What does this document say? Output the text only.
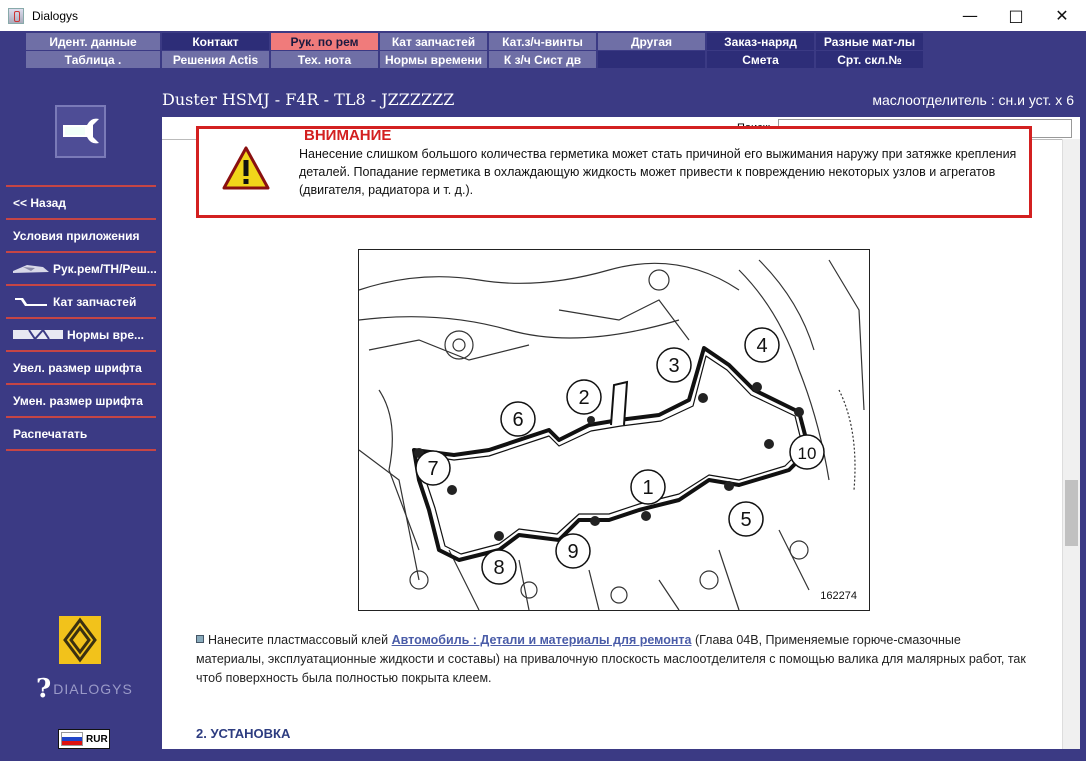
Dialogys	—	□	✕
Идент. данные	Контакт	Рук. по рем	Кат запчастей	Кат.з/ч-винты	Другая	Заказ-наряд	Разные мат-лы
Таблица .	Решения Actis	Тех. нота	Нормы времени	К з/ч Сист дв	Смета	Срт. скл.№
Duster HSMJ - F4R - TL8 - JZZZZZZ	маслоотделитель : сн.и уст. х 6
<< Назад
Условия приложения
Рук.рем/ТН/Реш...
Кат запчастей
Нормы вре...
Увел. размер шрифта
Умен. размер шрифта
Распечатать
? DIALOGYS
RUR
ВНИМАНИЕ
Нанесение слишком большого количества герметика может стать причиной его выжимания наружу при затяжке крепления деталей. Попадание герметика в охлаждающую жидкость может привести к повреждению некоторых узлов и агрегатов (двигателя, радиатора и т. д.).
1
2
3
4
5
6
7
8
9
10
162274
Нанесите пластмассовый клей Автомобиль : Детали и материалы для ремонта (Глава 04B, Применяемые горюче-смазочные материалы, эксплуатационные жидкости и составы) на привалочную плоскость маслоотделителя с помощью валика для малярных работ, так чтоб поверхность была полностью покрыта клеем.
2. УСТАНОВКА
